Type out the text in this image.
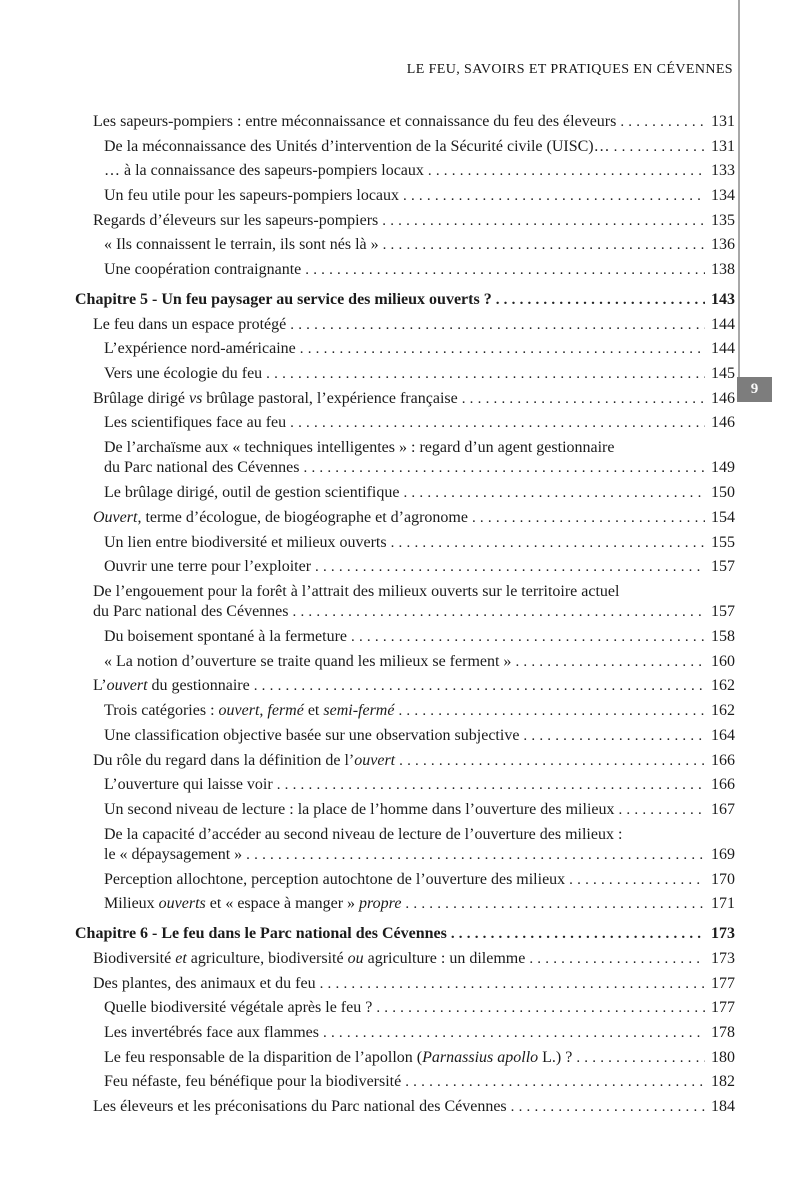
LE FEU, SAVOIRS ET PRATIQUES EN CÉVENNES
9
Les sapeurs-pompiers : entre méconnaissance et connaissance du feu des éleveurs .....	131
De la méconnaissance des Unités d’intervention de la Sécurité civile (UISC)… .....	131
… à la connaissance des sapeurs-pompiers locaux .....	133
Un feu utile pour les sapeurs-pompiers locaux .....	134
Regards d’éleveurs sur les sapeurs-pompiers .....	135
« Ils connaissent le terrain, ils sont nés là » .....	136
Une coopération contraignante .....	138
Chapitre 5 - Un feu paysager au service des milieux ouverts ? .....	143
Le feu dans un espace protégé .....	144
L’expérience nord-américaine .....	144
Vers une écologie du feu .....	145
Brûlage dirigé vs brûlage pastoral, l’expérience française .....	146
Les scientifiques face au feu .....	146
De l’archaïsme aux « techniques intelligentes » : regard d’un agent gestionnaire
du Parc national des Cévennes .....	149
Le brûlage dirigé, outil de gestion scientifique .....	150
Ouvert, terme d’écologue, de biogéographe et d’agronome .....	154
Un lien entre biodiversité et milieux ouverts .....	155
Ouvrir une terre pour l’exploiter .....	157
De l’engouement pour la forêt à l’attrait des milieux ouverts sur le territoire actuel
du Parc national des Cévennes .....	157
Du boisement spontané à la fermeture .....	158
« La notion d’ouverture se traite quand les milieux se ferment » .....	160
L’ouvert du gestionnaire .....	162
Trois catégories : ouvert, fermé et semi-fermé .....	162
Une classification objective basée sur une observation subjective .....	164
Du rôle du regard dans la définition de l’ouvert .....	166
L’ouverture qui laisse voir .....	166
Un second niveau de lecture : la place de l’homme dans l’ouverture des milieux .....	167
De la capacité d’accéder au second niveau de lecture de l’ouverture des milieux :
le « dépaysagement » .....	169
Perception allochtone, perception autochtone de l’ouverture des milieux .....	170
Milieux ouverts et « espace à manger » propre .....	171
Chapitre 6 - Le feu dans le Parc national des Cévennes .....	173
Biodiversité et agriculture, biodiversité ou agriculture : un dilemme .....	173
Des plantes, des animaux et du feu .....	177
Quelle biodiversité végétale après le feu ? .....	177
Les invertébrés face aux flammes .....	178
Le feu responsable de la disparition de l’apollon (Parnassius apollo L.) ? .....	180
Feu néfaste, feu bénéfique pour la biodiversité .....	182
Les éleveurs et les préconisations du Parc national des Cévennes .....	184
